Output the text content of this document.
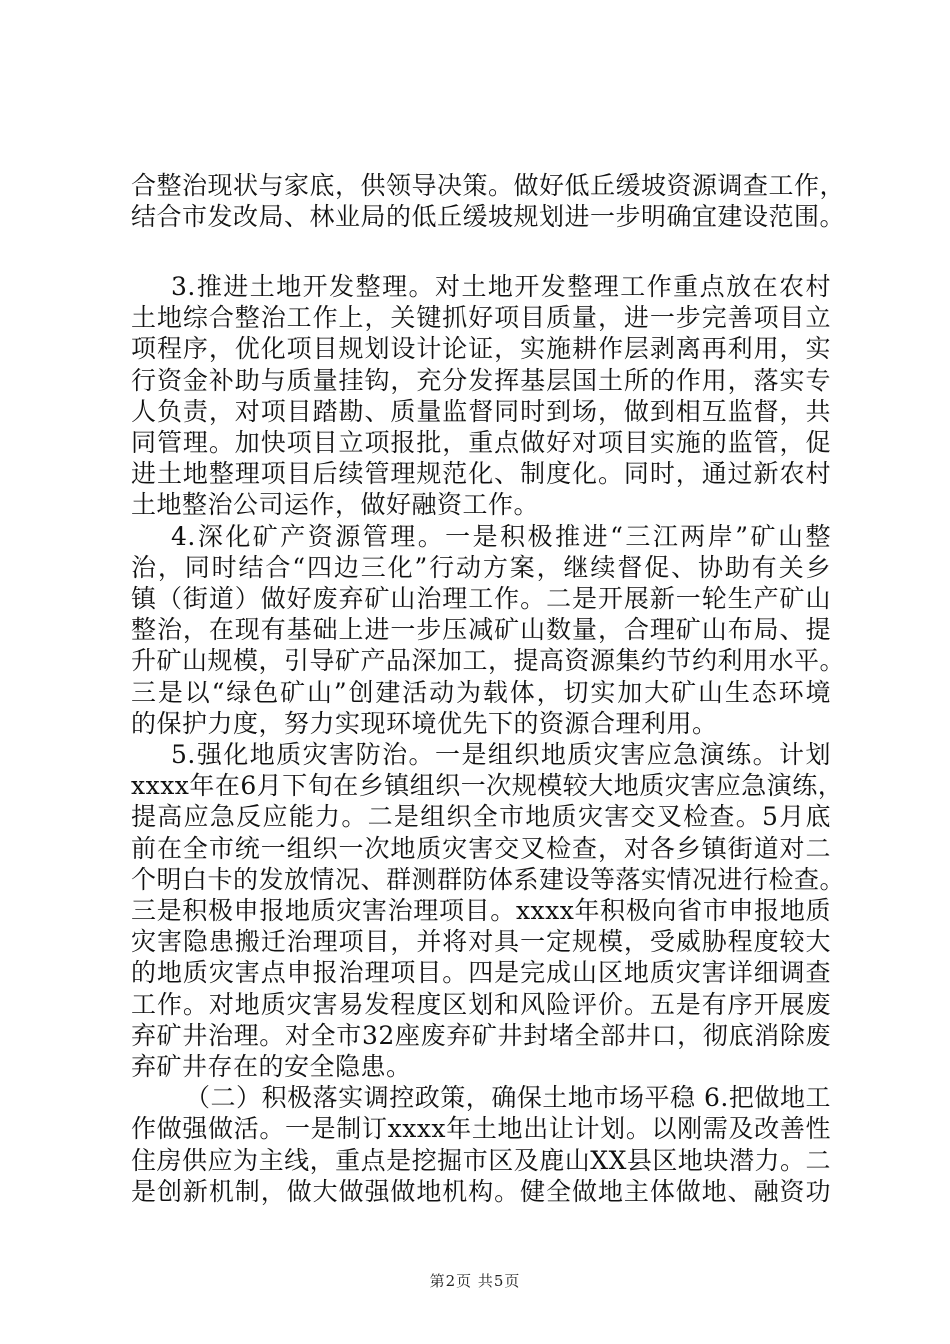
合整治现状与家底，供领导决策。做好低丘缓坡资源调查工作，
结合市发改局、林业局的低丘缓坡规划进一步明确宜建设范围。
3.推进土地开发整理。对土地开发整理工作重点放在农村
土地综合整治工作上，关键抓好项目质量，进一步完善项目立
项程序，优化项目规划设计论证，实施耕作层剥离再利用，实
行资金补助与质量挂钩，充分发挥基层国土所的作用，落实专
人负责，对项目踏勘、质量监督同时到场，做到相互监督，共
同管理。加快项目立项报批，重点做好对项目实施的监管，促
进土地整理项目后续管理规范化、制度化。同时，通过新农村
土地整治公司运作，做好融资工作。
4.深化矿产资源管理。一是积极推进“三江两岸”矿山整
治，同时结合“四边三化”行动方案，继续督促、协助有关乡
镇（街道）做好废弃矿山治理工作。二是开展新一轮生产矿山
整治，在现有基础上进一步压减矿山数量，合理矿山布局、提
升矿山规模，引导矿产品深加工，提高资源集约节约利用水平。
三是以“绿色矿山”创建活动为载体，切实加大矿山生态环境
的保护力度，努力实现环境优先下的资源合理利用。
5.强化地质灾害防治。一是组织地质灾害应急演练。计划
xxxx年在6月下旬在乡镇组织一次规模较大地质灾害应急演练，
提高应急反应能力。二是组织全市地质灾害交叉检查。5月底
前在全市统一组织一次地质灾害交叉检查，对各乡镇街道对二
个明白卡的发放情况、群测群防体系建设等落实情况进行检查。
三是积极申报地质灾害治理项目。xxxx年积极向省市申报地质
灾害隐患搬迁治理项目，并将对具一定规模，受威胁程度较大
的地质灾害点申报治理项目。四是完成山区地质灾害详细调查
工作。对地质灾害易发程度区划和风险评价。五是有序开展废
弃矿井治理。对全市32座废弃矿井封堵全部井口，彻底消除废
弃矿井存在的安全隐患。
（二）积极落实调控政策，确保土地市场平稳 6.把做地工
作做强做活。一是制订xxxx年土地出让计划。以刚需及改善性
住房供应为主线，重点是挖掘市区及鹿山XX县区地块潜力。二
是创新机制，做大做强做地机构。健全做地主体做地、融资功
第2页 共5页
